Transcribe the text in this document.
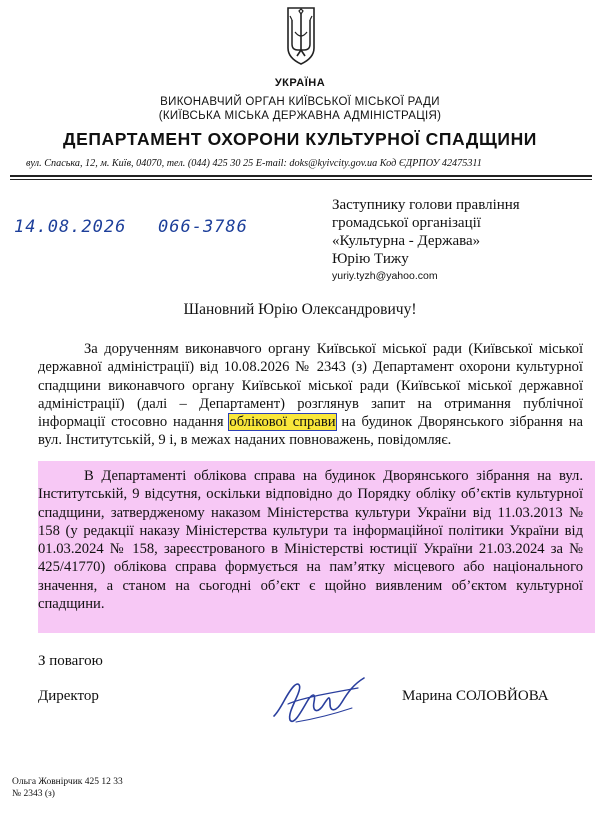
УКРАЇНА
ВИКОНАВЧИЙ ОРГАН КИЇВСЬКОЇ МІСЬКОЇ РАДИ
(КИЇВСЬКА МІСЬКА ДЕРЖАВНА АДМІНІСТРАЦІЯ)
ДЕПАРТАМЕНТ ОХОРОНИ КУЛЬТУРНОЇ СПАДЩИНИ
вул. Спаська, 12, м. Київ, 04070, тел. (044) 425 30 25 E-mail: doks@kyivcity.gov.ua Код ЄДРПОУ 42475311
14.08.2026 066-3786
Заступнику голови правління
громадської організації
«Культурна - Держава»
Юрію Тижу
yuriy.tyzh@yahoo.com
Шановний Юрію Олександровичу!
За дорученням виконавчого органу Київської міської ради (Київської міської державної адміністрації) від 10.08.2026 № 2343 (з) Департамент охорони культурної спадщини виконавчого органу Київської міської ради (Київської міської державної адміністрації) (далі – Департамент) розглянув запит на отримання публічної інформації стосовно надання облікової справи на будинок Дворянського зібрання на вул. Інститутській, 9 і, в межах наданих повноважень, повідомляє.
В Департаменті облікова справа на будинок Дворянського зібрання на вул. Інститутській, 9 відсутня, оскільки відповідно до Порядку обліку об’єктів культурної спадщини, затвердженому наказом Міністерства культури України від 11.03.2013 № 158 (у редакції наказу Міністерства культури та інформаційної політики України від 01.03.2024 № 158, зареєстрованого в Міністерстві юстиції України 21.03.2024 за № 425/41770) облікова справа формується на пам’ятку місцевого або національного значення, а станом на сьогодні об’єкт є щойно виявленим об’єктом культурної спадщини.
З повагою
Директор	Марина СОЛОВЙОВА
Ольга Жовнірчик 425 12 33
№ 2343 (з)
